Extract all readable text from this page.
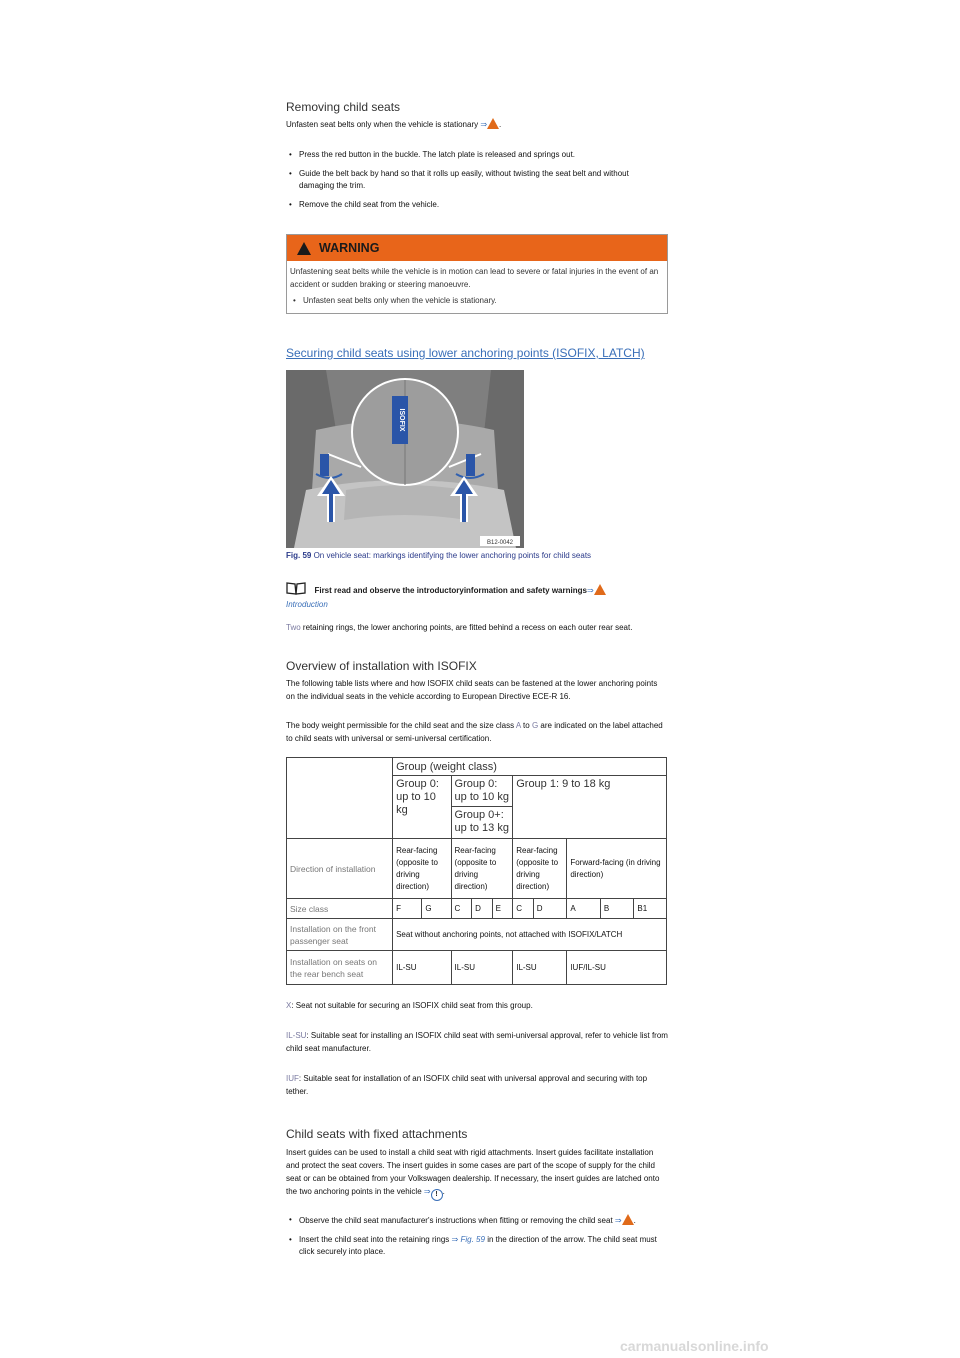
Removing child seats

Unfasten seat belts only when the vehicle is stationary ⇒ .

• Press the red button in the buckle. The latch plate is released and springs out.
• Guide the belt back by hand so that it rolls up easily, without twisting the seat belt and without damaging the trim.
• Remove the child seat from the vehicle.
WARNING
Unfastening seat belts while the vehicle is in motion can lead to severe or fatal injuries in the event of an accident or sudden braking or steering manoeuvre.
• Unfasten seat belts only when the vehicle is stationary.
Securing child seats using lower anchoring points (ISOFIX, LATCH)
ISOFIX
B12-0042

Fig. 59 On vehicle seat: markings identifying the lower anchoring points for child seats

First read and observe the introductoryinformation and safety warnings⇒
Introduction

Two retaining rings, the lower anchoring points, are fitted behind a recess on each outer rear seat.

Overview of installation with ISOFIX

The following table lists where and how ISOFIX child seats can be fastened at the lower anchoring points on the individual seats in the vehicle according to European Directive ECE-R 16.

The body weight permissible for the child seat and the size class A to G are indicated on the label attached to child seats with universal or semi-universal certification.

	Group (weight class)									
	Group 0: up to 10 kg		Group 0: up to 10 kg			Group 1: 9 to 18 kg				
			Group 0+: up to 13 kg							
Direction of installation	Rear-facing (opposite to driving direction)		Rear-facing (opposite to driving direction)			Rear-facing (opposite to driving direction)		Forward-facing (in driving direction)		
Size class	F	G	C	D	E	C	D	A	B	B1
Installation on the front passenger seat	Seat without anchoring points, not attached with ISOFIX/LATCH									
Installation on seats on the rear bench seat	IL-SU		IL-SU			IL-SU		IUF/IL-SU		

X: Seat not suitable for securing an ISOFIX child seat from this group.

IL-SU: Suitable seat for installing an ISOFIX child seat with semi-universal approval, refer to vehicle list from child seat manufacturer.

IUF: Suitable seat for installation of an ISOFIX child seat with universal approval and securing with top tether.

Child seats with fixed attachments

Insert guides can be used to install a child seat with rigid attachments. Insert guides facilitate installation and protect the seat covers. The insert guides in some cases are part of the scope of supply for the child seat or can be obtained from your Volkswagen dealership. If necessary, the insert guides are latched onto the two anchoring points in the vehicle ⇒ ! .

• Observe the child seat manufacturer's instructions when fitting or removing the child seat ⇒ .
• Insert the child seat into the retaining rings ⇒ Fig. 59 in the direction of the arrow. The child seat must click securely into place.
carmanualsonline.info
